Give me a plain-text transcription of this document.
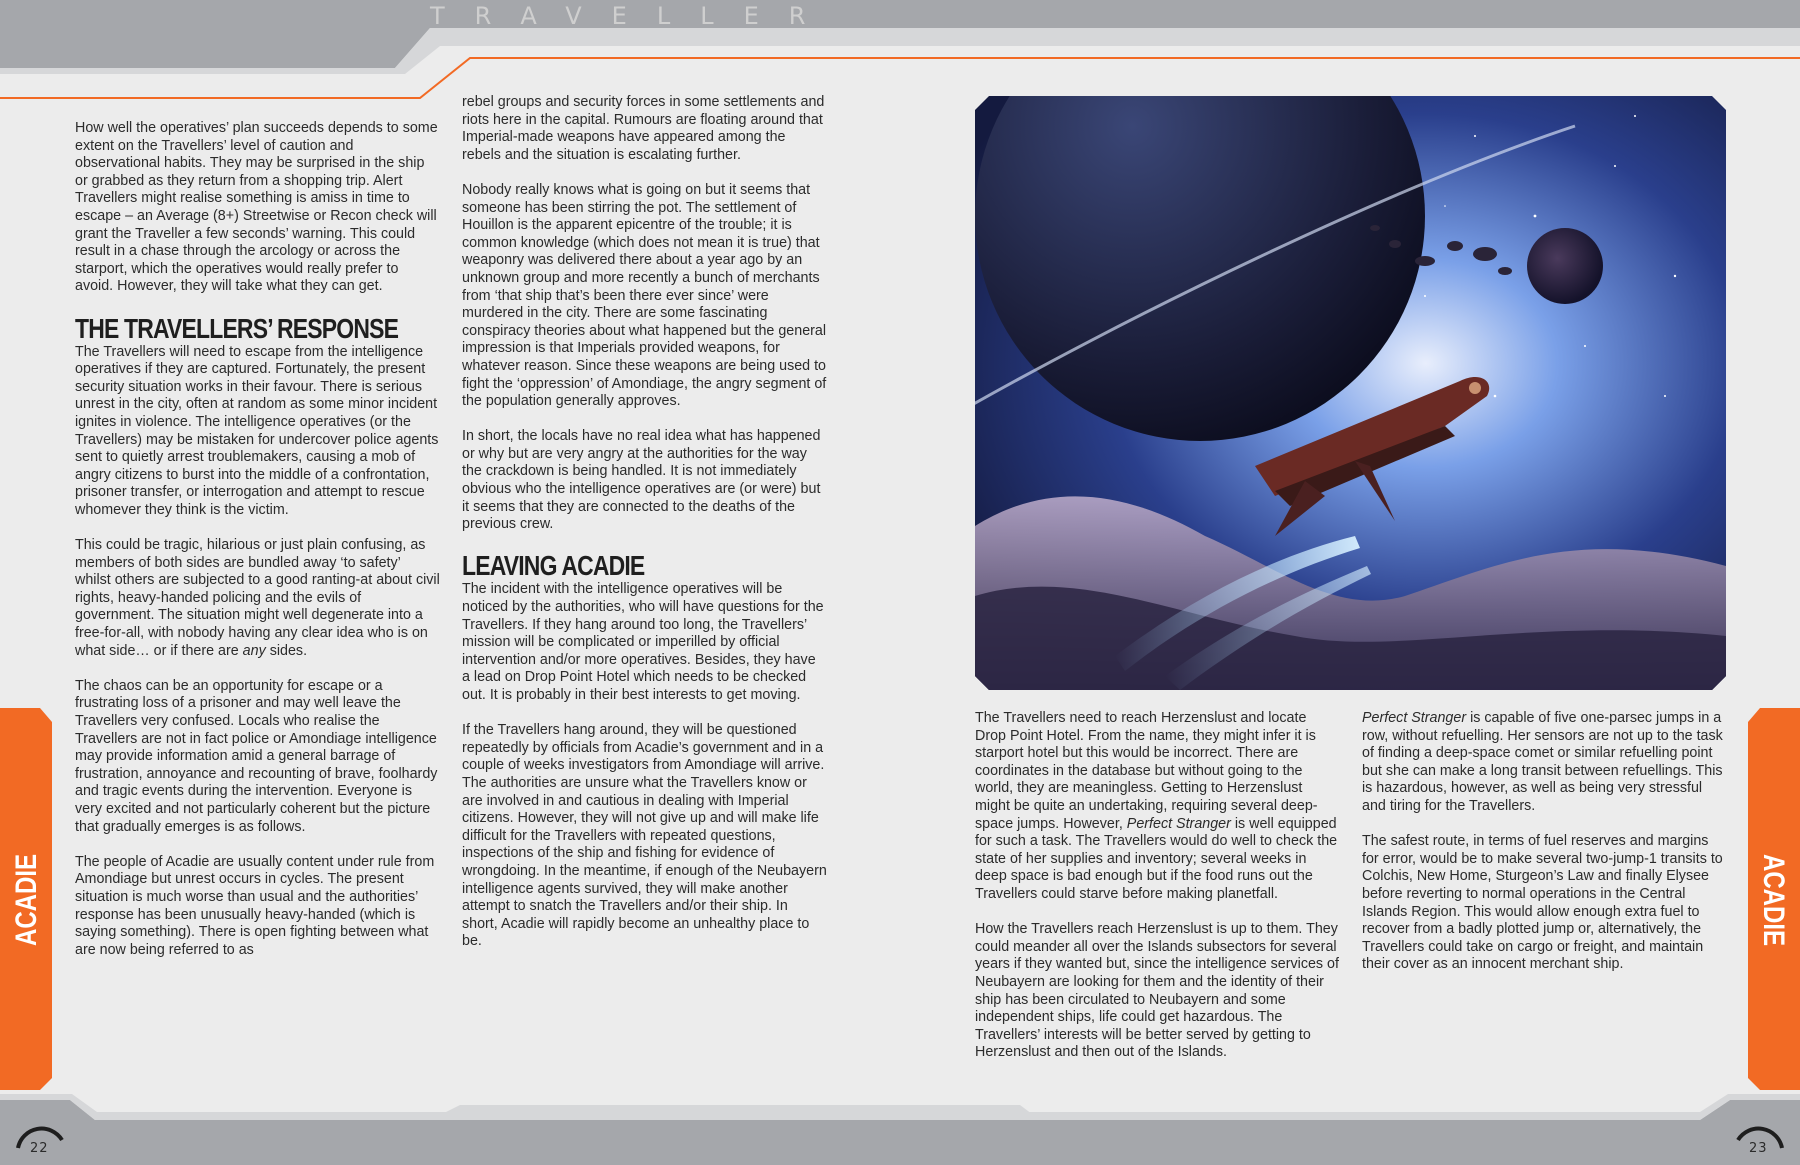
TRAVELLER

How well the operatives’ plan succeeds depends to some extent on the Travellers’ level of caution and observational habits. They may be surprised in the ship or grabbed as they return from a shopping trip. Alert Travellers might realise something is amiss in time to escape – an Average (8+) Streetwise or Recon check will grant the Traveller a few seconds’ warning. This could result in a chase through the arcology or across the starport, which the operatives would really prefer to avoid. However, they will take what they can get.

THE TRAVELLERS’ RESPONSE

The Travellers will need to escape from the intelligence operatives if they are captured. Fortunately, the present security situation works in their favour. There is serious unrest in the city, often at random as some minor incident ignites in violence. The intelligence operatives (or the Travellers) may be mistaken for undercover police agents sent to quietly arrest troublemakers, causing a mob of angry citizens to burst into the middle of a confrontation, prisoner transfer, or interrogation and attempt to rescue whomever they think is the victim.

This could be tragic, hilarious or just plain confusing, as members of both sides are bundled away ‘to safety’ whilst others are subjected to a good ranting-at about civil rights, heavy-handed policing and the evils of government. The situation might well degenerate into a free-for-all, with nobody having any clear idea who is on what side… or if there are any sides.

The chaos can be an opportunity for escape or a frustrating loss of a prisoner and may well leave the Travellers very confused. Locals who realise the Travellers are not in fact police or Amondiage intelligence may provide information amid a general barrage of frustration, annoyance and recounting of brave, foolhardy and tragic events during the intervention. Everyone is very excited and not particularly coherent but the picture that gradually emerges is as follows.

The people of Acadie are usually content under rule from Amondiage but unrest occurs in cycles. The present situation is much worse than usual and the authorities’ response has been unusually heavy-handed (which is saying something). There is open fighting between what are now being referred to as

rebel groups and security forces in some settlements and riots here in the capital. Rumours are floating around that Imperial-made weapons have appeared among the rebels and the situation is escalating further.

Nobody really knows what is going on but it seems that someone has been stirring the pot. The settlement of Houillon is the apparent epicentre of the trouble; it is common knowledge (which does not mean it is true) that weaponry was delivered there about a year ago by an unknown group and more recently a bunch of merchants from ‘that ship that’s been there ever since’ were murdered in the city. There are some fascinating conspiracy theories about what happened but the general impression is that Imperials provided weapons, for whatever reason. Since these weapons are being used to fight the ‘oppression’ of Amondiage, the angry segment of the population generally approves.

In short, the locals have no real idea what has happened or why but are very angry at the authorities for the way the crackdown is being handled. It is not immediately obvious who the intelligence operatives are (or were) but it seems that they are connected to the deaths of the previous crew.

LEAVING ACADIE

The incident with the intelligence operatives will be noticed by the authorities, who will have questions for the Travellers. If they hang around too long, the Travellers’ mission will be complicated or imperilled by official intervention and/or more operatives. Besides, they have a lead on Drop Point Hotel which needs to be checked out. It is probably in their best interests to get moving.

If the Travellers hang around, they will be questioned repeatedly by officials from Acadie’s government and in a couple of weeks investigators from Amondiage will arrive. The authorities are unsure what the Travellers know or are involved in and cautious in dealing with Imperial citizens. However, they will not give up and will make life difficult for the Travellers with repeated questions, inspections of the ship and fishing for evidence of wrongdoing. In the meantime, if enough of the Neubayern intelligence agents survived, they will make another attempt to snatch the Travellers and/or their ship. In short, Acadie will rapidly become an unhealthy place to be.

The Travellers need to reach Herzenslust and locate Drop Point Hotel. From the name, they might infer it is starport hotel but this would be incorrect. There are coordinates in the database but without going to the world, they are meaningless. Getting to Herzenslust might be quite an undertaking, requiring several deep-space jumps. However, Perfect Stranger is well equipped for such a task. The Travellers would do well to check the state of her supplies and inventory; several weeks in deep space is bad enough but if the food runs out the Travellers could starve before making planetfall.

How the Travellers reach Herzenslust is up to them. They could meander all over the Islands subsectors for several years if they wanted but, since the intelligence services of Neubayern are looking for them and the identity of their ship has been circulated to Neubayern and some independent ships, life could get hazardous. The Travellers’ interests will be better served by getting to Herzenslust and then out of the Islands.

Perfect Stranger is capable of five one-parsec jumps in a row, without refuelling. Her sensors are not up to the task of finding a deep-space comet or similar refuelling point but she can make a long transit between refuellings. This is hazardous, however, as well as being very stressful and tiring for the Travellers.

The safest route, in terms of fuel reserves and margins for error, would be to make several two-jump-1 transits to Colchis, New Home, Sturgeon’s Law and finally Elysee before reverting to normal operations in the Central Islands Region. This would allow enough extra fuel to recover from a badly plotted jump or, alternatively, the Travellers could take on cargo or freight, and maintain their cover as an innocent merchant ship.

ACADIE	ACADIE
22	23
